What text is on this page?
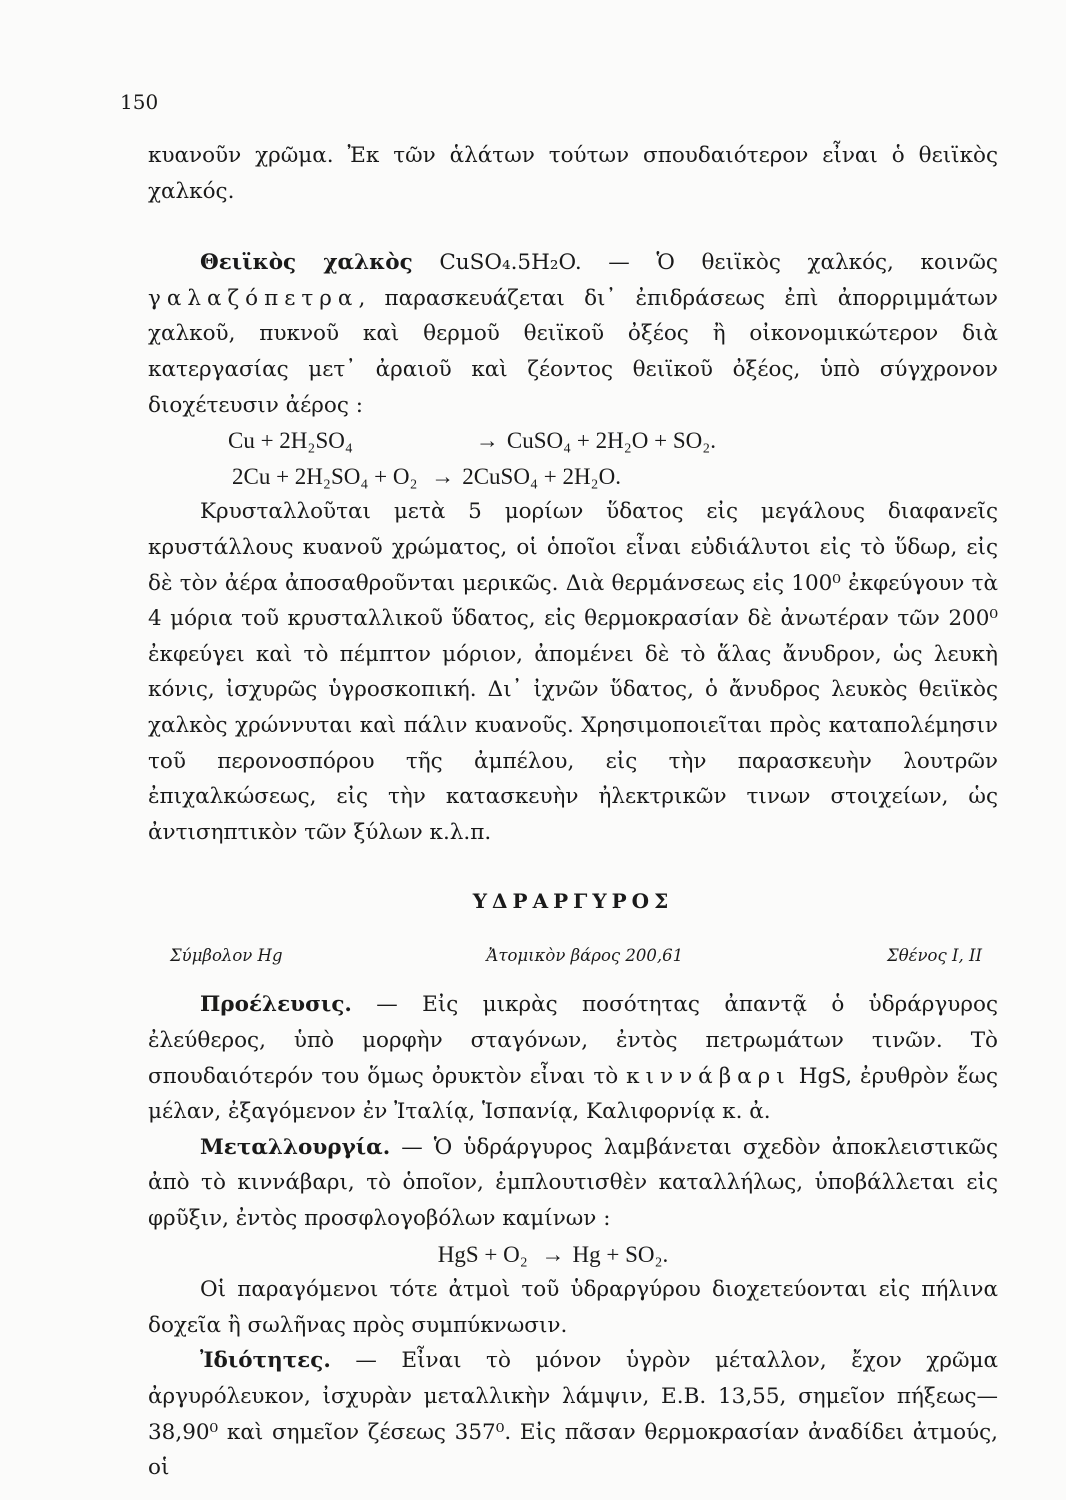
150

κυανοῦν χρῶμα. Ἐκ τῶν ἁλάτων τούτων σπουδαιότερον εἶναι ὁ θειϊκὸς χαλκός.

Θειϊκὸς χαλκὸς CuSO₄.5H₂O. — Ὁ θειϊκὸς χαλκός, κοινῶς γαλαζόπετρα, παρασκευάζεται δι᾽ ἐπιδράσεως ἐπὶ ἀπορριμμάτων χαλκοῦ, πυκνοῦ καὶ θερμοῦ θειϊκοῦ ὀξέος ἢ οἰκονομικώτερον διὰ κατεργασίας μετ᾽ ἀραιοῦ καὶ ζέοντος θειϊκοῦ ὀξέος, ὑπὸ σύγχρονον διοχέτευσιν ἀέρος :

Cu + 2H₂SO₄	→ CuSO₄ + 2H₂O + SO₂.
2Cu + 2H₂SO₄ + O₂ → 2CuSO₄ + 2H₂O.

Κρυσταλλοῦται μετὰ 5 μορίων ὕδατος εἰς μεγάλους διαφανεῖς κρυστάλλους κυανοῦ χρώματος, οἱ ὁποῖοι εἶναι εὐδιάλυτοι εἰς τὸ ὕδωρ, εἰς δὲ τὸν ἀέρα ἀποσαθροῦνται μερικῶς. Διὰ θερμάνσεως εἰς 100⁰ ἐκφεύγουν τὰ 4 μόρια τοῦ κρυσταλλικοῦ ὕδατος, εἰς θερμοκρασίαν δὲ ἀνωτέραν τῶν 200⁰ ἐκφεύγει καὶ τὸ πέμπτον μόριον, ἀπομένει δὲ τὸ ἅλας ἄνυδρον, ὡς λευκὴ κόνις, ἰσχυρῶς ὑγροσκοπική. Δι᾽ ἰχνῶν ὕδατος, ὁ ἄνυδρος λευκὸς θειϊκὸς χαλκὸς χρώννυται καὶ πάλιν κυανοῦς. Χρησιμοποιεῖται πρὸς καταπολέμησιν τοῦ περονοσπόρου τῆς ἀμπέλου, εἰς τὴν παρασκευὴν λουτρῶν ἐπιχαλκώσεως, εἰς τὴν κατασκευὴν ἠλεκτρικῶν τινων στοιχείων, ὡς ἀντισηπτικὸν τῶν ξύλων κ.λ.π.

ΥΔΡΑΡΓΥΡΟΣ
Σύμβολον Hg	Ἀτομικὸν βάρος 200,61	Σθένος I, II

Προέλευσις. — Εἰς μικρὰς ποσότητας ἀπαντᾷ ὁ ὑδράργυρος ἐλεύθερος, ὑπὸ μορφὴν σταγόνων, ἐντὸς πετρωμάτων τινῶν. Τὸ σπουδαιότερόν του ὅμως ὀρυκτὸν εἶναι τὸ κιννάβαρι HgS, ἐρυθρὸν ἕως μέλαν, ἐξαγόμενον ἐν Ἰταλίᾳ, Ἱσπανίᾳ, Καλιφορνίᾳ κ. ἀ.

Μεταλλουργία. — Ὁ ὑδράργυρος λαμβάνεται σχεδὸν ἀποκλειστικῶς ἀπὸ τὸ κιννάβαρι, τὸ ὁποῖον, ἐμπλουτισθὲν καταλλήλως, ὑποβάλλεται εἰς φρῦξιν, ἐντὸς προσφλογοβόλων καμίνων :

HgS + O₂ → Hg + SO₂.

Οἱ παραγόμενοι τότε ἀτμοὶ τοῦ ὑδραργύρου διοχετεύονται εἰς πήλινα δοχεῖα ἢ σωλῆνας πρὸς συμπύκνωσιν.

Ἰδιότητες. — Εἶναι τὸ μόνον ὑγρὸν μέταλλον, ἔχον χρῶμα ἀργυρόλευκον, ἰσχυρὰν μεταλλικὴν λάμψιν, Ε.Β. 13,55, σημεῖον πήξεως—38,90⁰ καὶ σημεῖον ζέσεως 357⁰. Εἰς πᾶσαν θερμοκρασίαν ἀναδίδει ἀτμούς, οἱ
